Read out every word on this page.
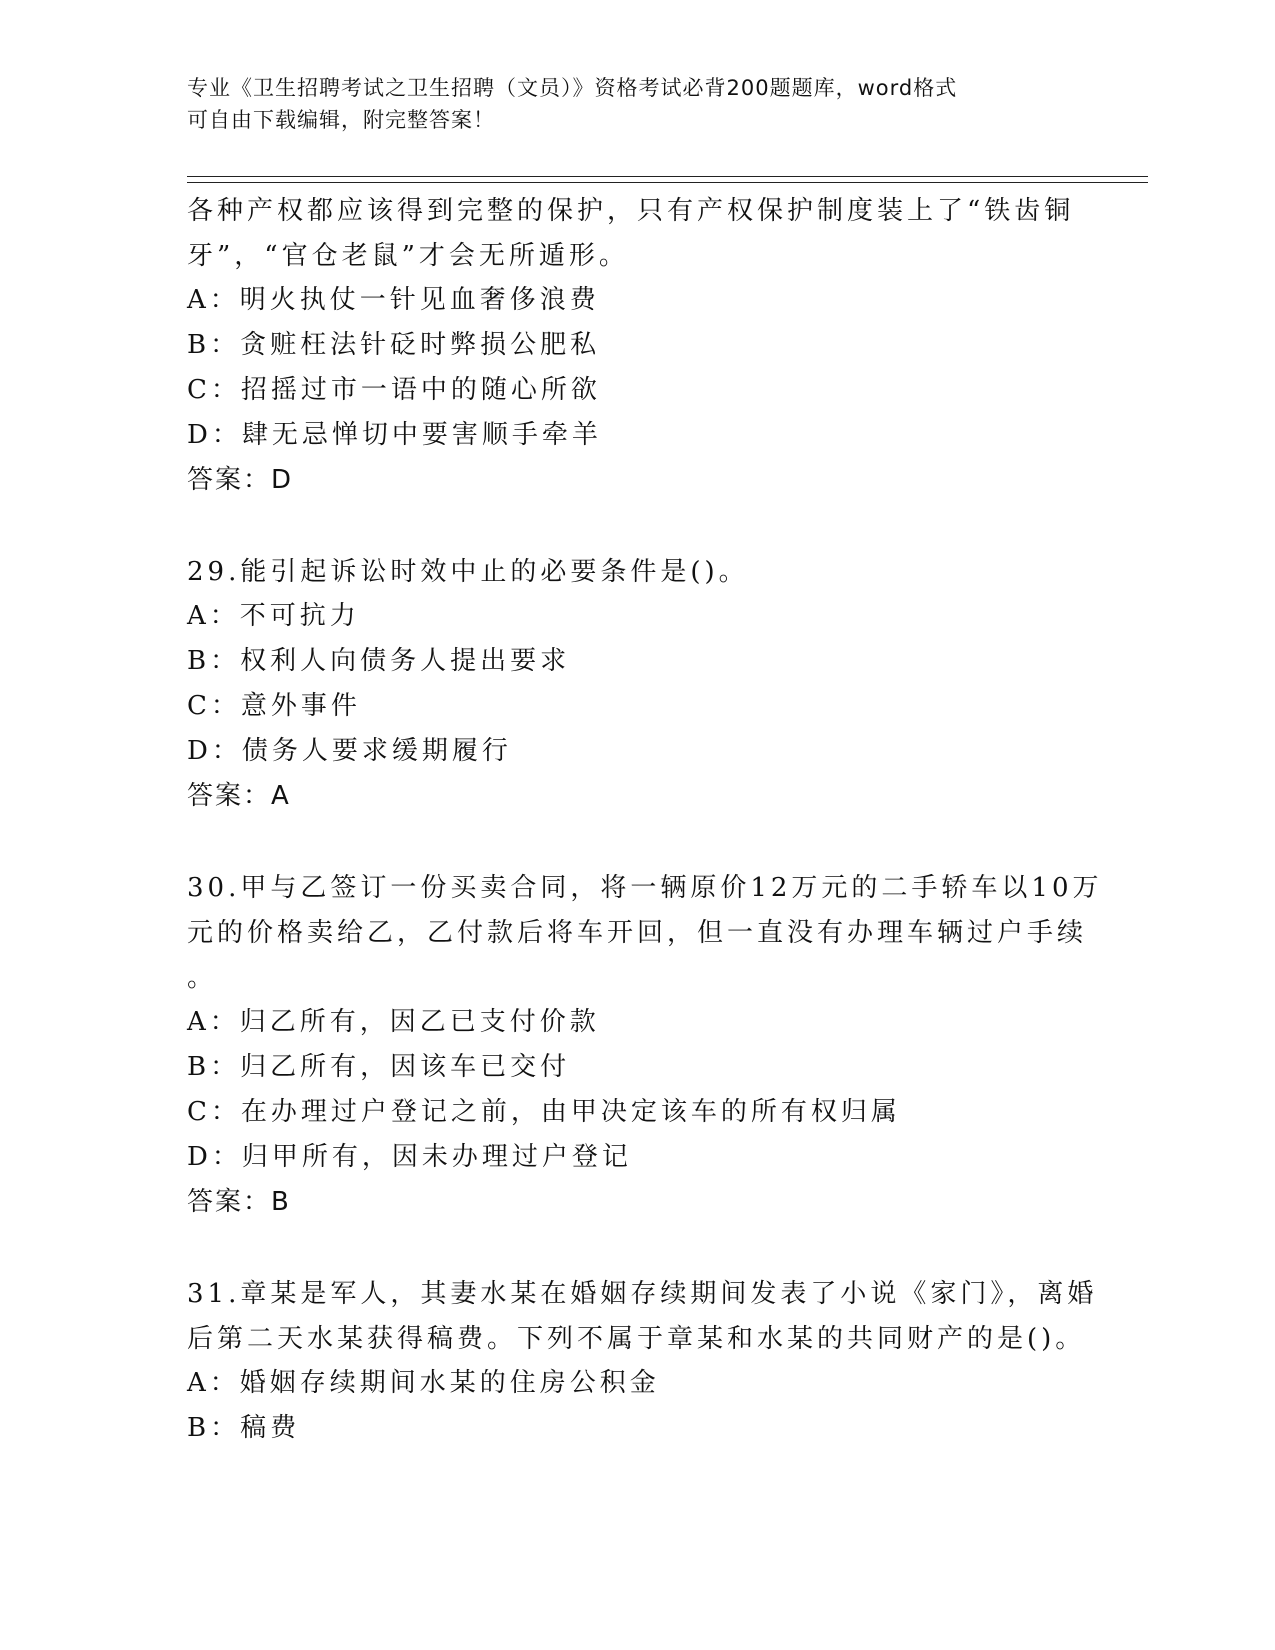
专业《卫生招聘考试之卫生招聘（文员）》资格考试必背200题题库，word格式
可自由下载编辑，附完整答案！
各种产权都应该得到完整的保护，只有产权保护制度装上了“铁齿铜
牙”，“官仓老鼠”才会无所遁形。
A：明火执仗一针见血奢侈浪费
B：贪赃枉法针砭时弊损公肥私
C：招摇过市一语中的随心所欲
D：肆无忌惮切中要害顺手牵羊
答案：D
29.能引起诉讼时效中止的必要条件是()。
A：不可抗力
B：权利人向债务人提出要求
C：意外事件
D：债务人要求缓期履行
答案：A
30.甲与乙签订一份买卖合同，将一辆原价12万元的二手轿车以10万
元的价格卖给乙，乙付款后将车开回，但一直没有办理车辆过户手续
。
A：归乙所有，因乙已支付价款
B：归乙所有，因该车已交付
C：在办理过户登记之前，由甲决定该车的所有权归属
D：归甲所有，因未办理过户登记
答案：B
31.章某是军人，其妻水某在婚姻存续期间发表了小说《家门》，离婚
后第二天水某获得稿费。下列不属于章某和水某的共同财产的是()。
A：婚姻存续期间水某的住房公积金
B：稿费
